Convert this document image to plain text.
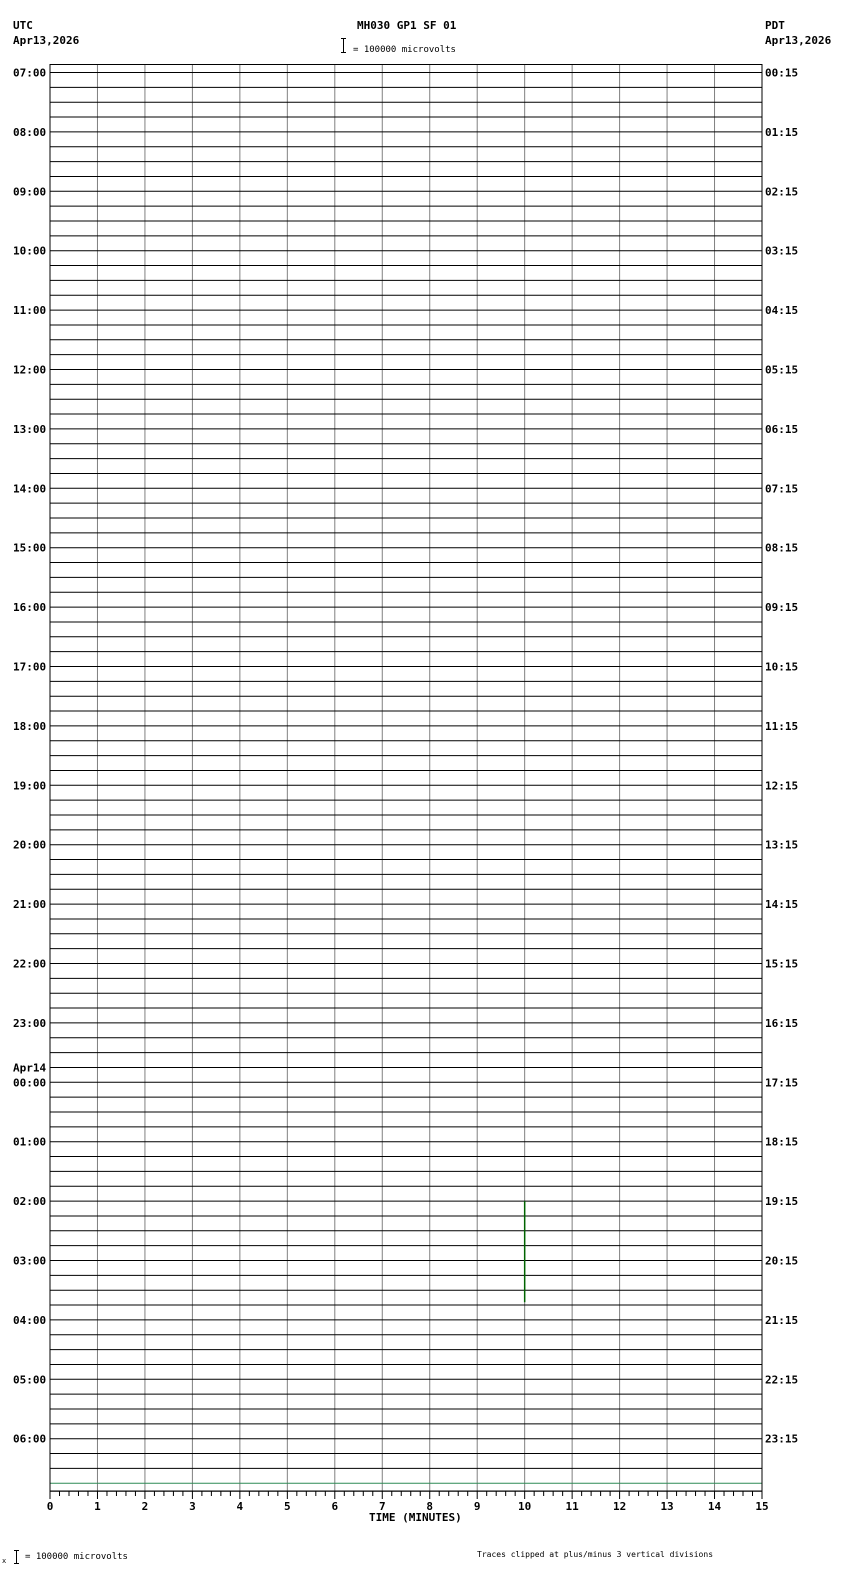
UTC
Apr13,2026
MH030 GP1 SF 01
= 100000 microvolts
PDT
Apr13,2026
07:00
08:00
09:00
10:00
11:00
12:00
13:00
14:00
15:00
16:00
17:00
18:00
19:00
20:00
21:00
22:00
23:00
00:00
Apr14
01:00
02:00
03:00
04:00
05:00
06:00
00:15
01:15
02:15
03:15
04:15
05:15
06:15
07:15
08:15
09:15
10:15
11:15
12:15
13:15
14:15
15:15
16:15
17:15
18:15
19:15
20:15
21:15
22:15
23:15
0	1	2	3	4	5	6	7	8	9	10	11	12	13	14	15
TIME (MINUTES)
x = 100000 microvolts	Traces clipped at plus/minus 3 vertical divisions
